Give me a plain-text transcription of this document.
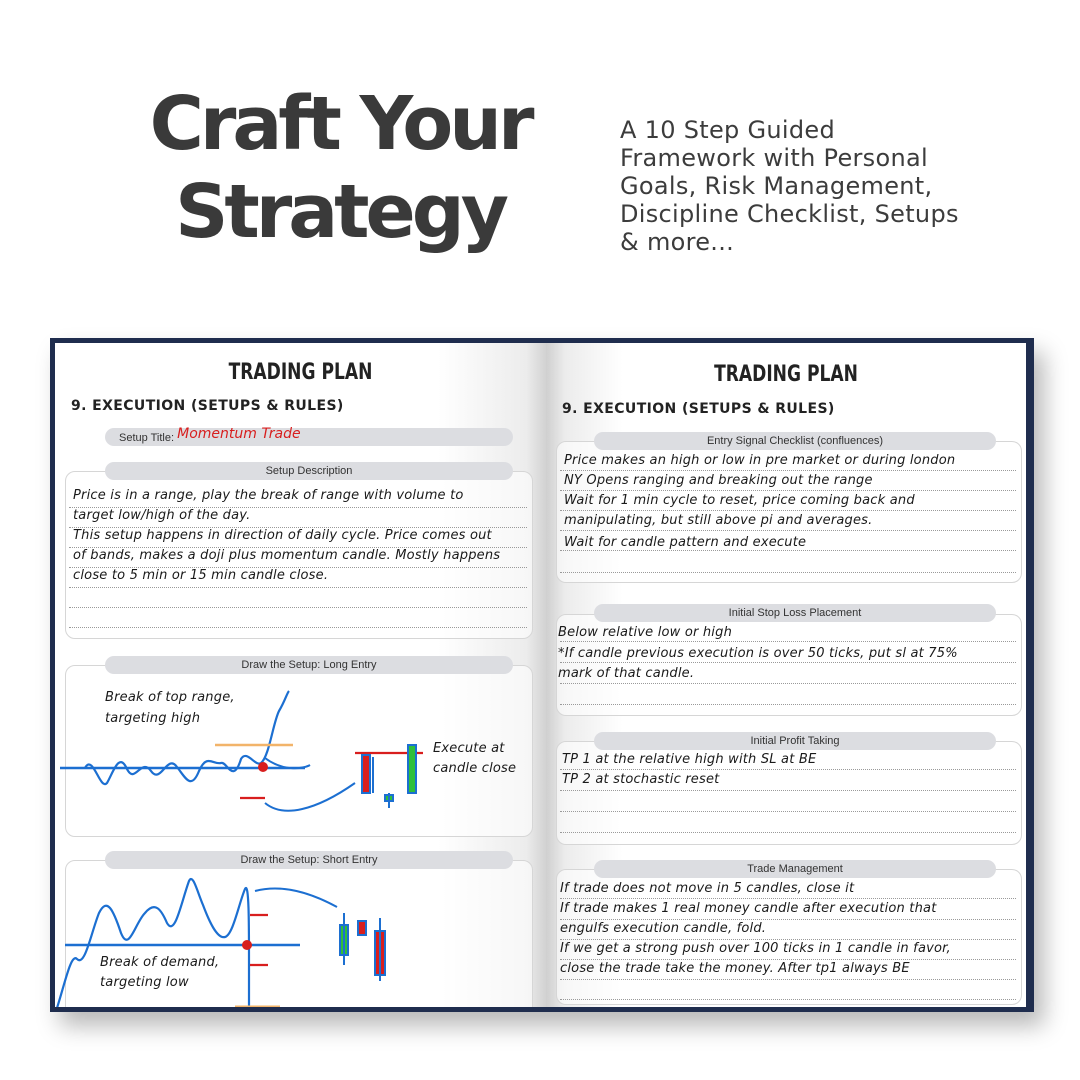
Craft Your
Strategy
A 10 Step Guided
Framework with Personal
Goals, Risk Management,
Discipline Checklist, Setups
& more...
TRADING PLAN
9. EXECUTION (SETUPS & RULES)
Setup Title: Momentum Trade
Setup Description
Price is in a range, play the break of range with volume to
target low/high of the day.
This setup happens in direction of daily cycle. Price comes out
of bands, makes a doji plus momentum candle. Mostly happens
close to 5 min or 15 min candle close.
Draw the Setup: Long Entry
Break of top range,
targeting high
Execute at
candle close
Draw the Setup: Short Entry
Break of demand,
targeting low
TRADING PLAN
9. EXECUTION (SETUPS & RULES)
Entry Signal Checklist (confluences)
Price makes an high or low in pre market or during london
NY Opens ranging and breaking out the range
Wait for 1 min cycle to reset, price coming back and
manipulating, but still above pi and averages.
Wait for candle pattern and execute
Initial Stop Loss Placement
Below relative low or high
*If candle previous execution is over 50 ticks, put sl at 75%
mark of that candle.
Initial Profit Taking
TP 1 at the relative high with SL at BE
TP 2 at stochastic reset
Trade Management
If trade does not move in 5 candles, close it
If trade makes 1 real money candle after execution that
engulfs execution candle, fold.
If we get a strong push over 100 ticks in 1 candle in favor,
close the trade take the money. After tp1 always BE
